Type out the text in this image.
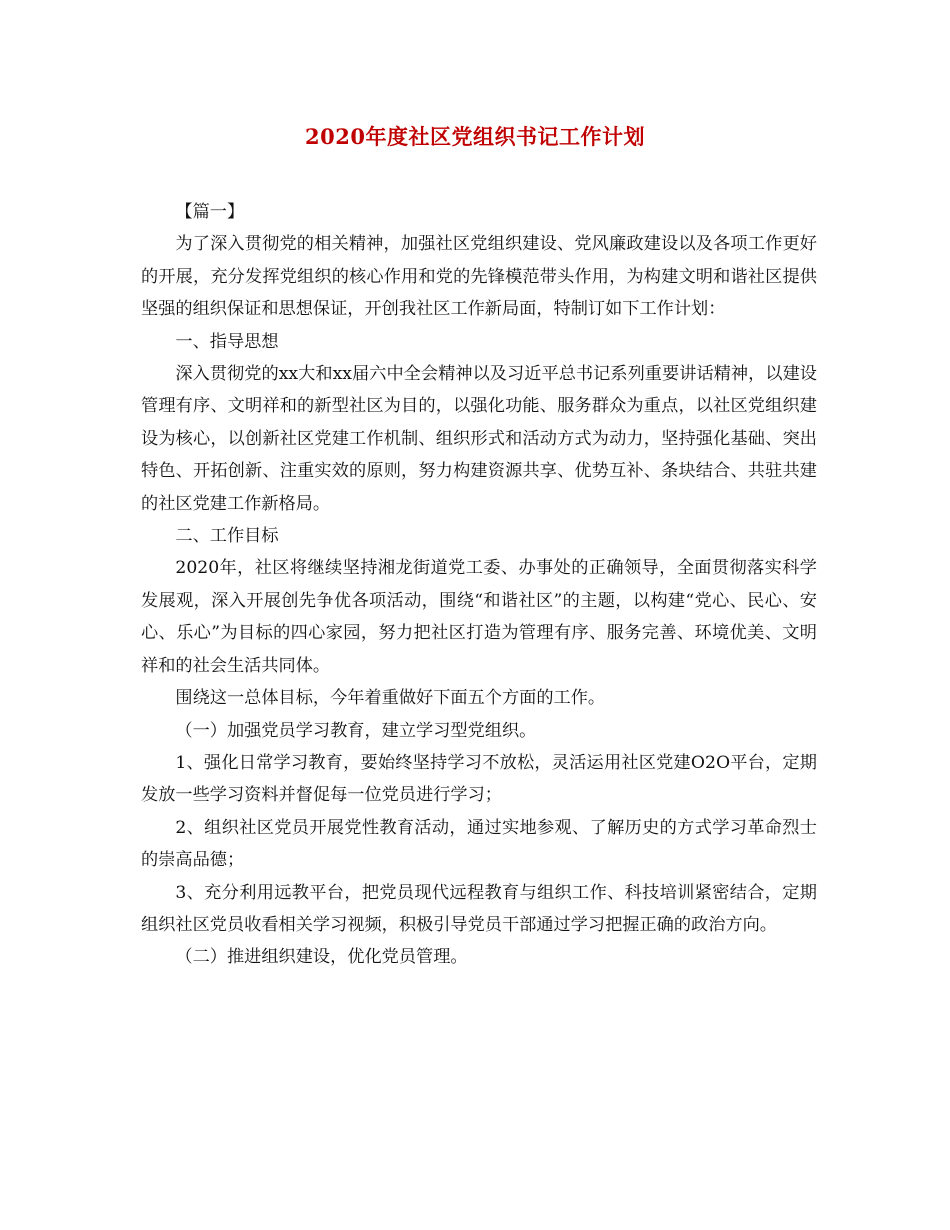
2020年度社区党组织书记工作计划

【篇一】

为了深入贯彻党的相关精神，加强社区党组织建设、党风廉政建设以及各项工作更好的开展，充分发挥党组织的核心作用和党的先锋模范带头作用，为构建文明和谐社区提供坚强的组织保证和思想保证，开创我社区工作新局面，特制订如下工作计划：

一、指导思想

深入贯彻党的xx大和xx届六中全会精神以及习近平总书记系列重要讲话精神，以建设管理有序、文明祥和的新型社区为目的，以强化功能、服务群众为重点，以社区党组织建设为核心，以创新社区党建工作机制、组织形式和活动方式为动力，坚持强化基础、突出特色、开拓创新、注重实效的原则，努力构建资源共享、优势互补、条块结合、共驻共建的社区党建工作新格局。

二、工作目标

2020年，社区将继续坚持湘龙街道党工委、办事处的正确领导，全面贯彻落实科学发展观，深入开展创先争优各项活动，围绕“和谐社区”的主题，以构建“党心、民心、安心、乐心”为目标的四心家园，努力把社区打造为管理有序、服务完善、环境优美、文明祥和的社会生活共同体。

围绕这一总体目标，今年着重做好下面五个方面的工作。

（一）加强党员学习教育，建立学习型党组织。

1、强化日常学习教育，要始终坚持学习不放松，灵活运用社区党建O2O平台，定期发放一些学习资料并督促每一位党员进行学习；

2、组织社区党员开展党性教育活动，通过实地参观、了解历史的方式学习革命烈士的崇高品德；

3、充分利用远教平台，把党员现代远程教育与组织工作、科技培训紧密结合，定期组织社区党员收看相关学习视频，积极引导党员干部通过学习把握正确的政治方向。

（二）推进组织建设，优化党员管理。
